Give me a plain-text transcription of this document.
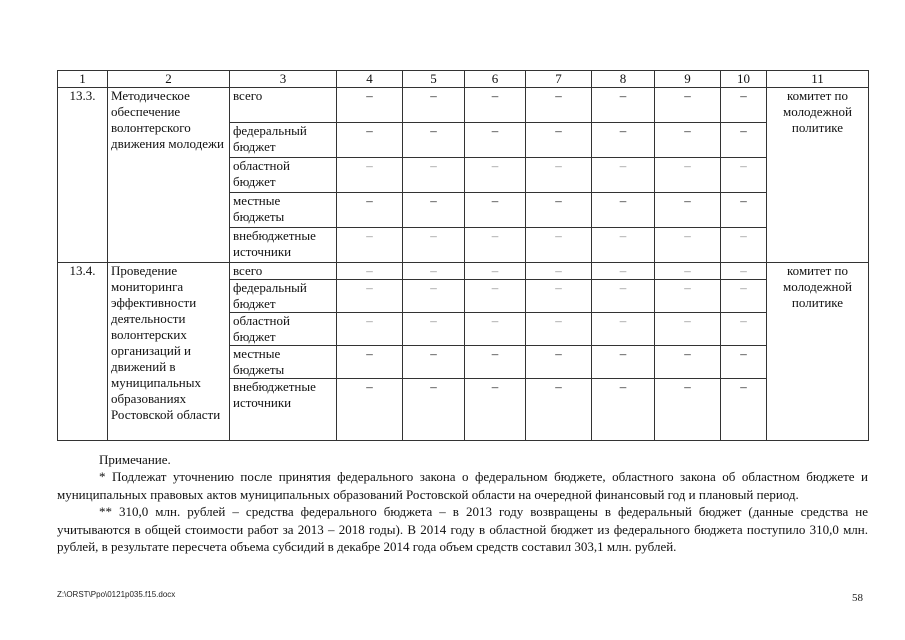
1	2	3	4	5	6	7	8	9	10	11
13.3.	Методическое обеспечение волонтерского движения молодежи	всего	–	–	–	–	–	–	–	комитет по молодежной политике
		федеральный бюджет	–	–	–	–	–	–	–	
		областной бюджет	–	–	–	–	–	–	–	
		местные бюджеты	–	–	–	–	–	–	–	
		внебюджетные источники	–	–	–	–	–	–	–	
13.4.	Проведение мониторинга эффективности деятельности волонтерских организаций и движений в муниципальных образованиях Ростовской области	всего	–	–	–	–	–	–	–	комитет по молодежной политике
		федеральный бюджет	–	–	–	–	–	–	–	
		областной бюджет	–	–	–	–	–	–	–	
		местные бюджеты	–	–	–	–	–	–	–	
		внебюджетные источники	–	–	–	–	–	–	–	

Примечание.

* Подлежат уточнению после принятия федерального закона о федеральном бюджете, областного закона об областном бюджете и муниципальных правовых актов муниципальных образований Ростовской области на очередной финансовый год и плановый период.

** 310,0 млн. рублей – средства федерального бюджета – в 2013 году возвращены в федеральный бюджет (данные средства не учитываются в общей стоимости работ за 2013 – 2018 годы). В 2014 году в областной бюджет из федерального бюджета поступило 310,0 млн. рублей, в результате пересчета объема субсидий в декабре 2014 года объем средств составил 303,1 млн. рублей.

Z:\ORST\Ppo\0121p035.f15.docx	58
